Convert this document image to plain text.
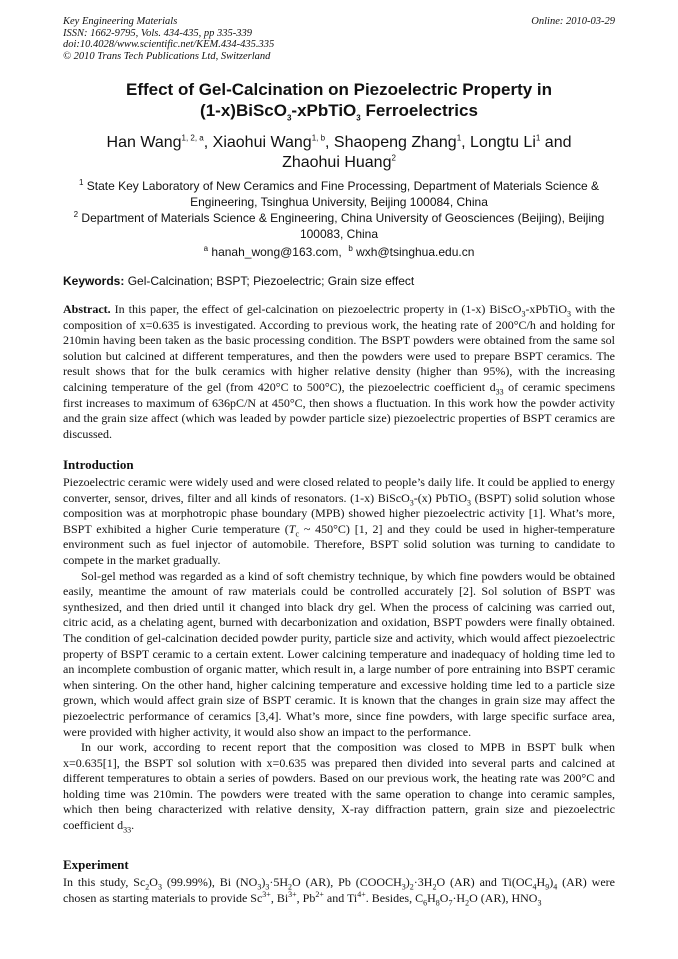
Key Engineering Materials
ISSN: 1662-9795, Vols. 434-435, pp 335-339
doi:10.4028/www.scientific.net/KEM.434-435.335
© 2010 Trans Tech Publications Ltd, Switzerland
Online: 2010-03-29
Effect of Gel-Calcination on Piezoelectric Property in
(1-x)BiScO$_3$-xPbTiO$_3$ Ferroelectrics
Han Wang$^{1, 2, a}$, Xiaohui Wang$^{1, b}$, Shaopeng Zhang$^1$, Longtu Li$^1$ and
Zhaohui Huang$^2$
$^1$ State Key Laboratory of New Ceramics and Fine Processing, Department of Materials Science & Engineering, Tsinghua University, Beijing 100084, China
$^2$ Department of Materials Science & Engineering, China University of Geosciences (Beijing), Beijing 100083, China
$^a$ hanah_wong@163.com, $^b$ wxh@tsinghua.edu.cn
Keywords: Gel-Calcination; BSPT; Piezoelectric; Grain size effect

Abstract. In this paper, the effect of gel-calcination on piezoelectric property in (1-x) BiScO$_3$-xPbTiO$_3$ with the composition of x=0.635 is investigated. According to previous work, the heating rate of 200°C/h and holding for 210min having been taken as the basic processing condition. The BSPT powders were obtained from the same sol solution but calcined at different temperatures, and then the powders were used to prepare BSPT ceramics. The result shows that for the bulk ceramics with higher relative density (higher than 95%), with the increasing calcining temperature of the gel (from 420°C to 500°C), the piezoelectric coefficient $d_{33}$ of ceramic specimens first increases to maximum of 636pC/N at 450°C, then shows a fluctuation. In this work how the powder activity and the grain size affect (which was leaded by powder particle size) piezoelectric properties of BSPT ceramics are discussed.

Introduction

Piezoelectric ceramic were widely used and were closed related to people’s daily life. It could be applied to energy converter, sensor, drives, filter and all kinds of resonators. (1-x) BiScO$_3$-(x) PbTiO$_3$ (BSPT) solid solution whose composition was at morphotropic phase boundary (MPB) showed higher piezoelectric activity [1]. What’s more, BSPT exhibited a higher Curie temperature ($T_c$ ~ 450°C) [1, 2] and they could be used in higher-temperature environment such as fuel injector of automobile. Therefore, BSPT solid solution was turning to candidate to compete in the market gradually.

Sol-gel method was regarded as a kind of soft chemistry technique, by which fine powders would be obtained easily, meantime the amount of raw materials could be controlled accurately [2]. Sol solution of BSPT was synthesized, and then dried until it changed into black dry gel. When the process of calcining was carried out, citric acid, as a chelating agent, burned with decarbonization and oxidation, BSPT powders were finally obtained. The condition of gel-calcination decided powder purity, particle size and activity, which would affect piezoelectric property of BSPT ceramic to a certain extent. Lower calcining temperature and inadequacy of holding time led to an incomplete combustion of organic matter, which result in, a large number of pore entraining into BSPT ceramic when sintering. On the other hand, higher calcining temperature and excessive holding time led to a particle size grown, which would affect grain size of BSPT ceramic. It is known that the changes in grain size may affect the piezoelectric performance of ceramics [3,4]. What’s more, since fine powders, with large specific surface area, were provided with higher activity, it would also show an impact to the performance.

In our work, according to recent report that the composition was closed to MPB in BSPT bulk when x=0.635[1], the BSPT sol solution with x=0.635 was prepared then divided into several parts and calcined at different temperatures to obtain a series of powders. Based on our previous work, the heating rate was 200°C and holding time was 210min. The powders were treated with the same operation to change into ceramic samples, which then being characterized with relative density, X-ray diffraction pattern, grain size and piezoelectric coefficient $d_{33}$.

Experiment

In this study, $Sc_2O_3$ (99.99%), Bi $(NO_3)_3\cdot 5H_2O$ (AR), Pb $(COOCH_3)_2\cdot 3H_2O$ (AR) and $Ti(OC_4H_9)_4$ (AR) were chosen as starting materials to provide $Sc^{3+}$, $Bi^{3+}$, $Pb^{2+}$ and $Ti^{4+}$. Besides, $C_6H_8O_7\cdot H_2O$ (AR), $HNO_3$
